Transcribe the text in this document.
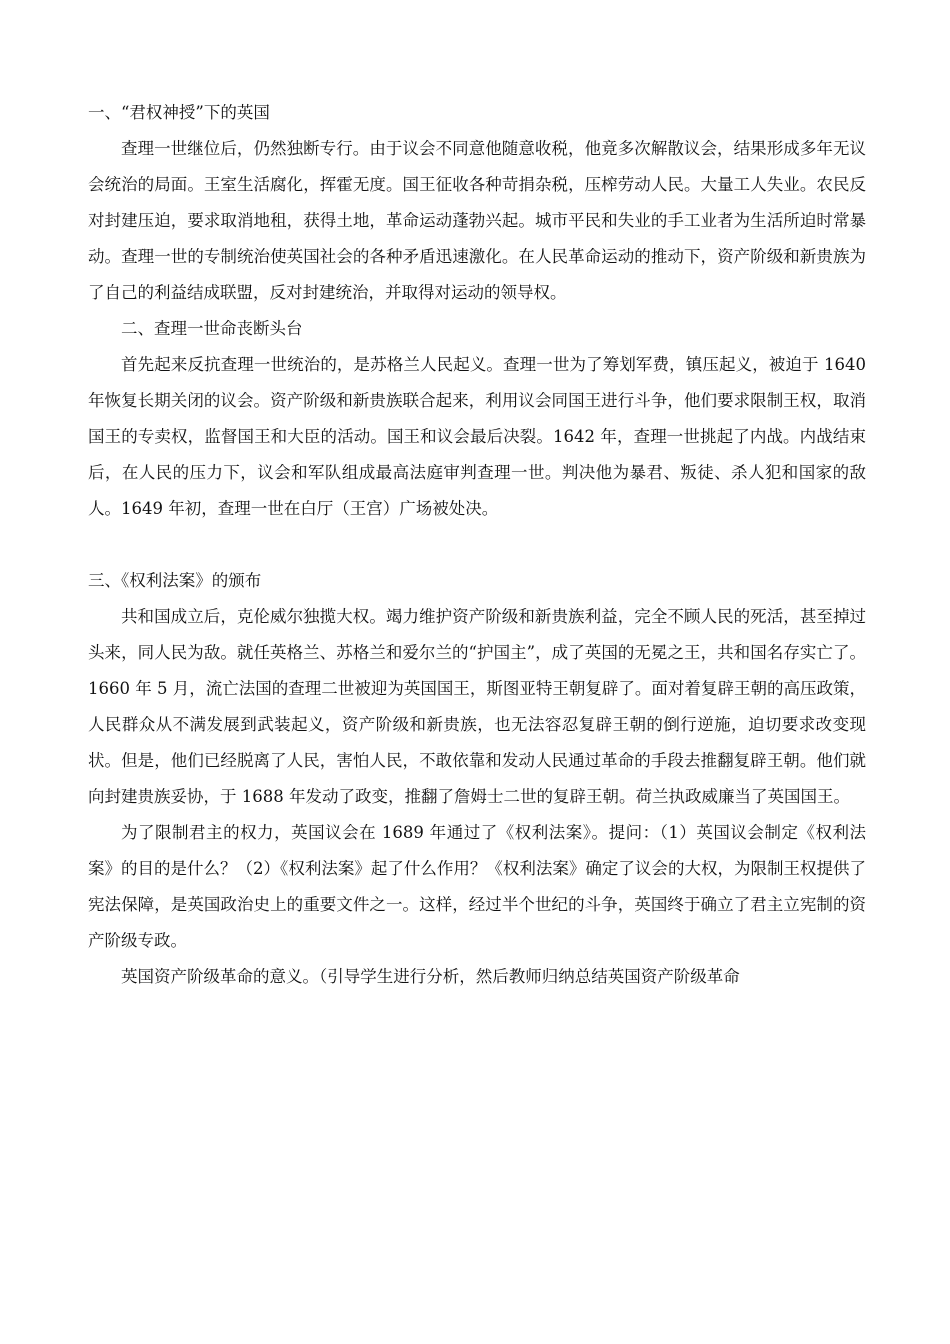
一、“君权神授”下的英国

查理一世继位后，仍然独断专行。由于议会不同意他随意收税，他竟多次解散议会，结果形成多年无议会统治的局面。王室生活腐化，挥霍无度。国王征收各种苛捐杂税，压榨劳动人民。大量工人失业。农民反对封建压迫，要求取消地租，获得土地，革命运动蓬勃兴起。城市平民和失业的手工业者为生活所迫时常暴动。查理一世的专制统治使英国社会的各种矛盾迅速激化。在人民革命运动的推动下，资产阶级和新贵族为了自己的利益结成联盟，反对封建统治，并取得对运动的领导权。

二、查理一世命丧断头台

首先起来反抗查理一世统治的，是苏格兰人民起义。查理一世为了筹划军费，镇压起义，被迫于 1640 年恢复长期关闭的议会。资产阶级和新贵族联合起来，利用议会同国王进行斗争，他们要求限制王权，取消国王的专卖权，监督国王和大臣的活动。国王和议会最后决裂。1642 年，查理一世挑起了内战。内战结束后，在人民的压力下，议会和军队组成最高法庭审判查理一世。判决他为暴君、叛徒、杀人犯和国家的敌人。1649 年初，查理一世在白厅（王宫）广场被处决。

三、《权利法案》的颁布

共和国成立后，克伦威尔独揽大权。竭力维护资产阶级和新贵族利益，完全不顾人民的死活，甚至掉过头来，同人民为敌。就任英格兰、苏格兰和爱尔兰的“护国主”，成了英国的无冕之王，共和国名存实亡了。1660 年 5 月，流亡法国的查理二世被迎为英国国王，斯图亚特王朝复辟了。面对着复辟王朝的高压政策，人民群众从不满发展到武装起义，资产阶级和新贵族，也无法容忍复辟王朝的倒行逆施，迫切要求改变现状。但是，他们已经脱离了人民，害怕人民，不敢依靠和发动人民通过革命的手段去推翻复辟王朝。他们就向封建贵族妥协，于 1688 年发动了政变，推翻了詹姆士二世的复辟王朝。荷兰执政威廉当了英国国王。

为了限制君主的权力，英国议会在 1689 年通过了《权利法案》。提问：（1）英国议会制定《权利法案》的目的是什么？（2）《权利法案》起了什么作用？《权利法案》确定了议会的大权，为限制王权提供了宪法保障，是英国政治史上的重要文件之一。这样，经过半个世纪的斗争，英国终于确立了君主立宪制的资产阶级专政。

英国资产阶级革命的意义。（引导学生进行分析，然后教师归纳总结英国资产阶级革命
